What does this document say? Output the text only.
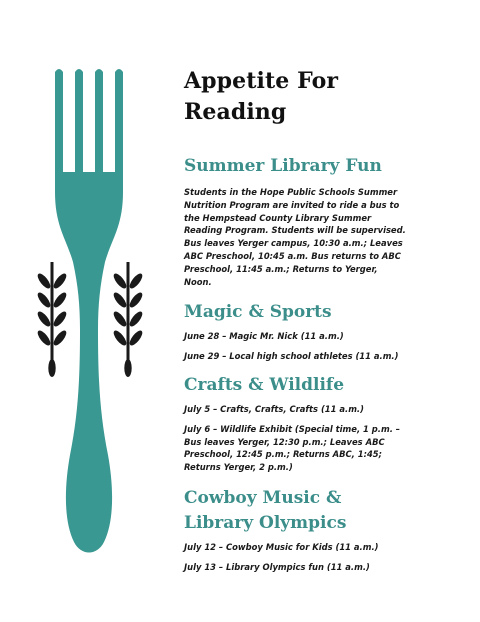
Appetite For
Reading
Summer Library Fun

Students in the Hope Public Schools Summer Nutrition Program are invited to ride a bus to the Hempstead County Library Summer Reading Program. Students will be supervised. Bus leaves Yerger campus, 10:30 a.m.; Leaves ABC Preschool, 10:45 a.m. Bus returns to ABC Preschool, 11:45 a.m.; Returns to Yerger, Noon.

Magic & Sports

June 28 – Magic Mr. Nick (11 a.m.)

June 29 – Local high school athletes (11 a.m.)

Crafts & Wildlife

July 5 – Crafts, Crafts, Crafts (11 a.m.)

July 6 – Wildlife Exhibit (Special time, 1 p.m. – Bus leaves Yerger, 12:30 p.m.; Leaves ABC Preschool, 12:45 p.m.; Returns ABC, 1:45; Returns Yerger, 2 p.m.)

Cowboy Music & Library Olympics

July 12 – Cowboy Music for Kids (11 a.m.)

July 13 – Library Olympics fun (11 a.m.)
